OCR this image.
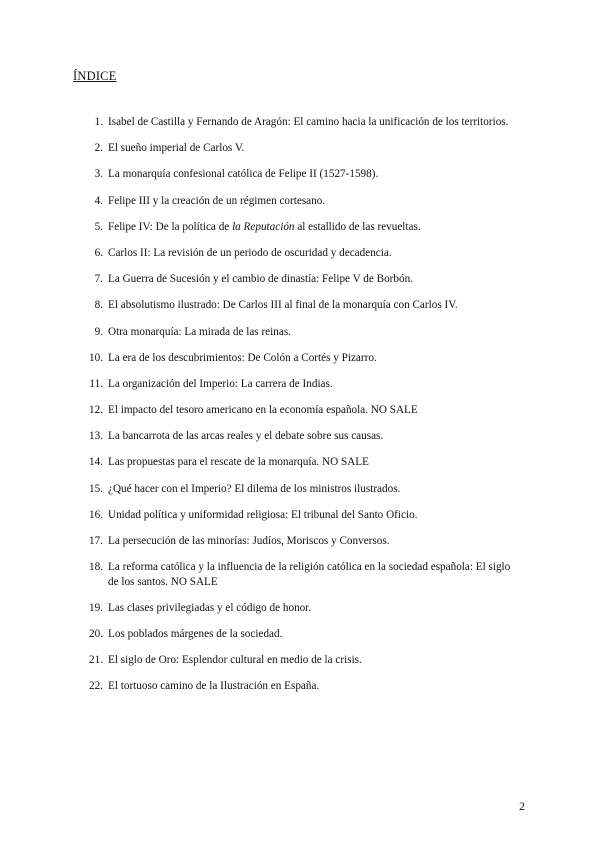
ÍNDICE
1. Isabel de Castilla y Fernando de Aragón: El camino hacia la unificación de los territorios.
2. El sueño imperial de Carlos V.
3. La monarquía confesional católica de Felipe II (1527-1598).
4. Felipe III y la creación de un régimen cortesano.
5. Felipe IV: De la política de la Reputación al estallido de las revueltas.
6. Carlos II: La revisión de un periodo de oscuridad y decadencia.
7. La Guerra de Sucesión y el cambio de dinastía: Felipe V de Borbón.
8. El absolutismo ilustrado: De Carlos III al final de la monarquía con Carlos IV.
9. Otra monarquía: La mirada de las reinas.
10. La era de los descubrimientos: De Colón a Cortés y Pizarro.
11. La organización del Imperio: La carrera de Indias.
12. El impacto del tesoro americano en la economía española. NO SALE
13. La bancarrota de las arcas reales y el debate sobre sus causas.
14. Las propuestas para el rescate de la monarquía. NO SALE
15. ¿Qué hacer con el Imperio? El dilema de los ministros ilustrados.
16. Unidad política y uniformidad religiosa: El tribunal del Santo Oficio.
17. La persecución de las minorías: Judíos, Moriscos y Conversos.
18. La reforma católica y la influencia de la religión católica en la sociedad española: El siglo de los santos. NO SALE
19. Las clases privilegiadas y el código de honor.
20. Los poblados márgenes de la sociedad.
21. El siglo de Oro: Esplendor cultural en medio de la crisis.
22. El tortuoso camino de la Ilustración en España.
2
